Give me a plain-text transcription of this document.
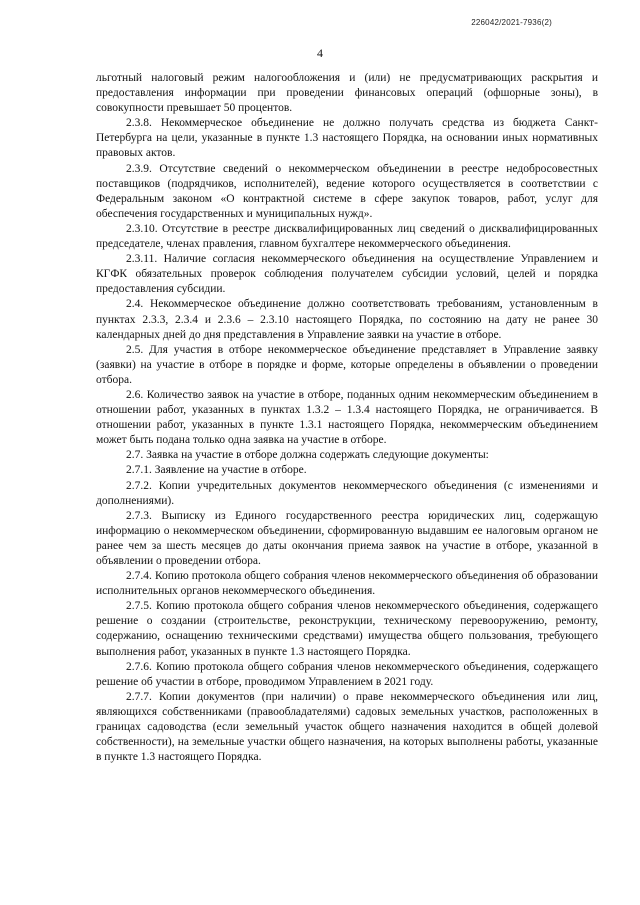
226042/2021-7936(2)
4

льготный налоговый режим налогообложения и (или) не предусматривающих раскрытия и предоставления информации при проведении финансовых операций (офшорные зоны), в совокупности превышает 50 процентов.

2.3.8. Некоммерческое объединение не должно получать средства из бюджета Санкт-Петербурга на цели, указанные в пункте 1.3 настоящего Порядка, на основании иных нормативных правовых актов.

2.3.9. Отсутствие сведений о некоммерческом объединении в реестре недобросовестных поставщиков (подрядчиков, исполнителей), ведение которого осуществляется в соответствии с Федеральным законом «О контрактной системе в сфере закупок товаров, работ, услуг для обеспечения государственных и муниципальных нужд».

2.3.10. Отсутствие в реестре дисквалифицированных лиц сведений о дисквалифицированных председателе, членах правления, главном бухгалтере некоммерческого объединения.

2.3.11. Наличие согласия некоммерческого объединения на осуществление Управлением и КГФК обязательных проверок соблюдения получателем субсидии условий, целей и порядка предоставления субсидии.

2.4. Некоммерческое объединение должно соответствовать требованиям, установленным в пунктах 2.3.3, 2.3.4 и 2.3.6 – 2.3.10 настоящего Порядка, по состоянию на дату не ранее 30 календарных дней до дня представления в Управление заявки на участие в отборе.

2.5. Для участия в отборе некоммерческое объединение представляет в Управление заявку (заявки) на участие в отборе в порядке и форме, которые определены в объявлении о проведении отбора.

2.6. Количество заявок на участие в отборе, поданных одним некоммерческим объединением в отношении работ, указанных в пунктах 1.3.2 – 1.3.4 настоящего Порядка, не ограничивается. В отношении работ, указанных в пункте 1.3.1 настоящего Порядка, некоммерческим объединением может быть подана только одна заявка на участие в отборе.

2.7. Заявка на участие в отборе должна содержать следующие документы:

2.7.1. Заявление на участие в отборе.

2.7.2. Копии учредительных документов некоммерческого объединения (с изменениями и дополнениями).

2.7.3. Выписку из Единого государственного реестра юридических лиц, содержащую информацию о некоммерческом объединении, сформированную выдавшим ее налоговым органом не ранее чем за шесть месяцев до даты окончания приема заявок на участие в отборе, указанной в объявлении о проведении отбора.

2.7.4. Копию протокола общего собрания членов некоммерческого объединения об образовании исполнительных органов некоммерческого объединения.

2.7.5. Копию протокола общего собрания членов некоммерческого объединения, содержащего решение о создании (строительстве, реконструкции, техническому перевооружению, ремонту, содержанию, оснащению техническими средствами) имущества общего пользования, требующего выполнения работ, указанных в пункте 1.3 настоящего Порядка.

2.7.6. Копию протокола общего собрания членов некоммерческого объединения, содержащего решение об участии в отборе, проводимом Управлением в 2021 году.

2.7.7. Копии документов (при наличии) о праве некоммерческого объединения или лиц, являющихся собственниками (правообладателями) садовых земельных участков, расположенных в границах садоводства (если земельный участок общего назначения находится в общей долевой собственности), на земельные участки общего назначения, на которых выполнены работы, указанные в пункте 1.3 настоящего Порядка.
